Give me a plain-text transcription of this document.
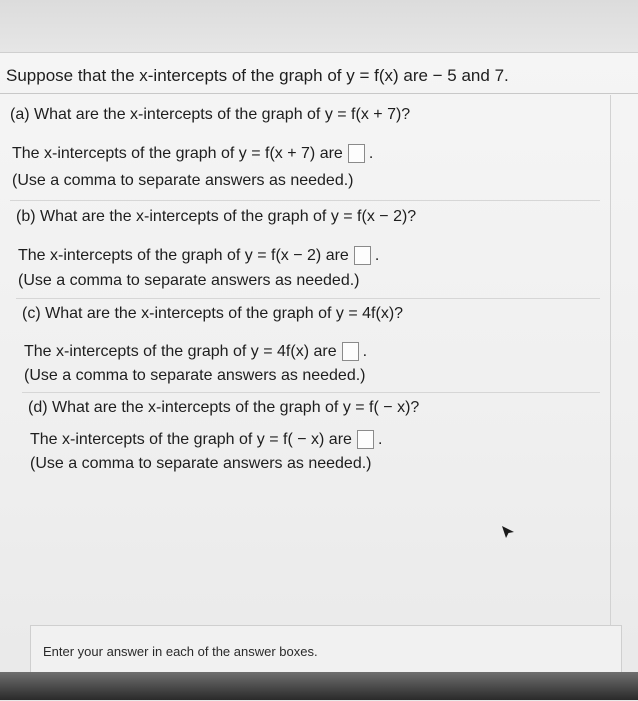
Suppose that the x-intercepts of the graph of y = f(x) are − 5 and 7.
(a) What are the x-intercepts of the graph of y = f(x + 7)?
The x-intercepts of the graph of y = f(x + 7) are .
(Use a comma to separate answers as needed.)
(b) What are the x-intercepts of the graph of y = f(x − 2)?
The x-intercepts of the graph of y = f(x − 2) are .
(Use a comma to separate answers as needed.)
(c) What are the x-intercepts of the graph of y = 4f(x)?
The x-intercepts of the graph of y = 4f(x) are .
(Use a comma to separate answers as needed.)
(d) What are the x-intercepts of the graph of y = f( − x)?
The x-intercepts of the graph of y = f( − x) are .
(Use a comma to separate answers as needed.)
Enter your answer in each of the answer boxes.
